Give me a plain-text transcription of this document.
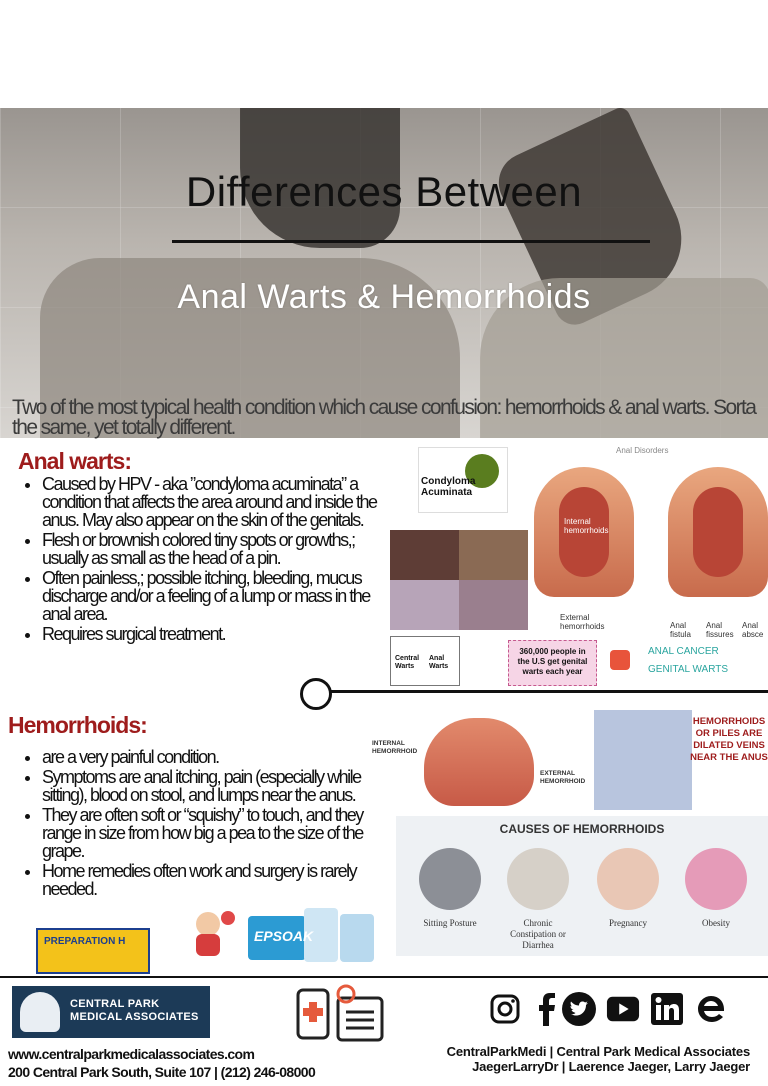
Differences Between
Anal Warts & Hemorrhoids
Two of the most typical health condition which cause confusion: hemorrhoids & anal warts. Sorta the same, yet totally different.
Anal warts:
• Caused by HPV - aka ”condyloma acuminata” a condition that affects the area around and inside the anus. May also appear on the skin of the genitals.
• Flesh or brownish colored tiny spots or growths,; usually as small as the head of a pin.
• Often painless,; possible itching, bleeding, mucus discharge and/or a feeling of a lump or mass in the anal area.
• Requires surgical treatment.
Condyloma Acuminata
Anal Disorders
Internal hemorrhoids
External hemorrhoids	Anal fistula
Anal fissures
Anal absce
Central Warts
Anal Warts
360,000 people in the U.S get genital warts each year
ANAL CANCER
GENITAL WARTS
Hemorrhoids:
• are a very painful condition.
• Symptoms are anal itching, pain (especially while sitting), blood on stool, and lumps near the anus.
• They are often soft or “squishy” to touch, and they range in size from how big a pea to the size of the grape.
• Home remedies often work and surgery is rarely needed.
INTERNAL HEMORRHOID
EXTERNAL HEMORRHOID
HEMORRHOIDS OR PILES ARE DILATED VEINS NEAR THE ANUS
CAUSES OF HEMORRHOIDS
Sitting Posture	Chronic Constipation or Diarrhea
Pregnancy	Obesity
PREPARATION H	EPSOAK
CENTRAL PARK
MEDICAL ASSOCIATES
www.centralparkmedicalassociates.com
200 Central Park South, Suite 107 | (212) 246-08000
CentralParkMedi | Central Park Medical Associates
JaegerLarryDr | Laerence Jaeger, Larry Jaeger
